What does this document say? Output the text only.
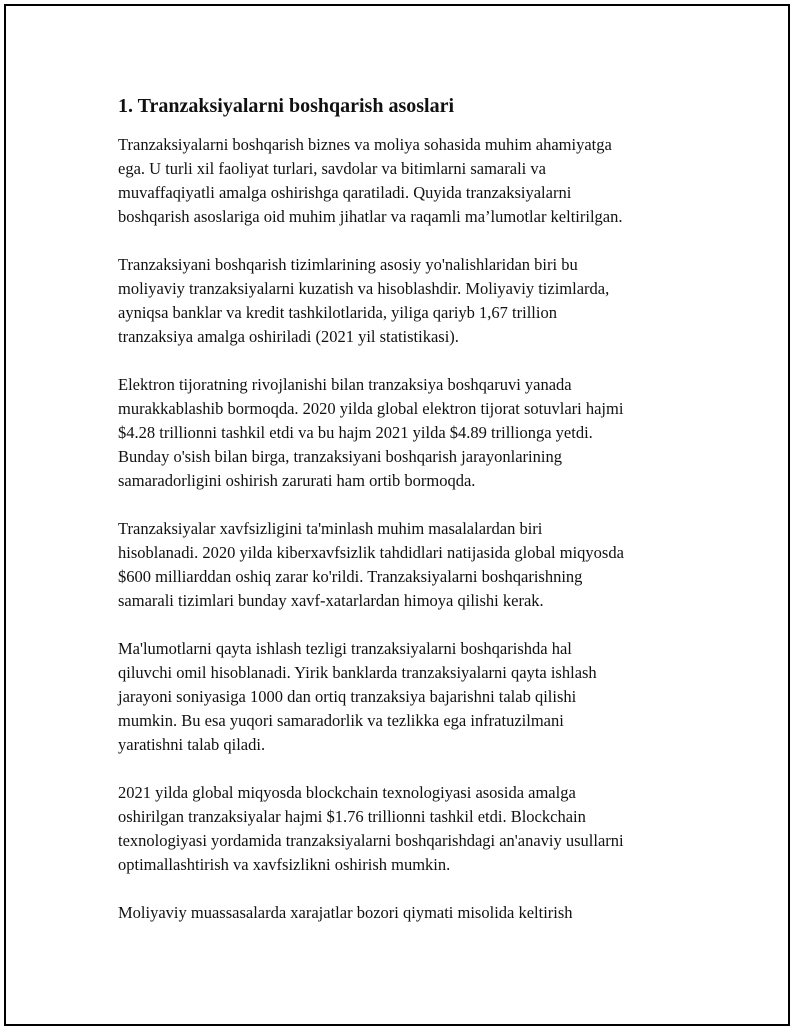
1. Tranzaksiyalarni boshqarish asoslari

Tranzaksiyalarni boshqarish biznes va moliya sohasida muhim ahamiyatga
ega. U turli xil faoliyat turlari, savdolar va bitimlarni samarali va
muvaffaqiyatli amalga oshirishga qaratiladi. Quyida tranzaksiyalarni
boshqarish asoslariga oid muhim jihatlar va raqamli ma’lumotlar keltirilgan.

Tranzaksiyani boshqarish tizimlarining asosiy yo'nalishlaridan biri bu
moliyaviy tranzaksiyalarni kuzatish va hisoblashdir. Moliyaviy tizimlarda,
ayniqsa banklar va kredit tashkilotlarida, yiliga qariyb 1,67 trillion
tranzaksiya amalga oshiriladi (2021 yil statistikasi).

Elektron tijoratning rivojlanishi bilan tranzaksiya boshqaruvi yanada
murakkablashib bormoqda. 2020 yilda global elektron tijorat sotuvlari hajmi
$4.28 trillionni tashkil etdi va bu hajm 2021 yilda $4.89 trillionga yetdi.
Bunday o'sish bilan birga, tranzaksiyani boshqarish jarayonlarining
samaradorligini oshirish zarurati ham ortib bormoqda.

Tranzaksiyalar xavfsizligini ta'minlash muhim masalalardan biri
hisoblanadi. 2020 yilda kiberxavfsizlik tahdidlari natijasida global miqyosda
$600 milliarddan oshiq zarar ko'rildi. Tranzaksiyalarni boshqarishning
samarali tizimlari bunday xavf-xatarlardan himoya qilishi kerak.

Ma'lumotlarni qayta ishlash tezligi tranzaksiyalarni boshqarishda hal
qiluvchi omil hisoblanadi. Yirik banklarda tranzaksiyalarni qayta ishlash
jarayoni soniyasiga 1000 dan ortiq tranzaksiya bajarishni talab qilishi
mumkin. Bu esa yuqori samaradorlik va tezlikka ega infratuzilmani
yaratishni talab qiladi.

2021 yilda global miqyosda blockchain texnologiyasi asosida amalga
oshirilgan tranzaksiyalar hajmi $1.76 trillionni tashkil etdi. Blockchain
texnologiyasi yordamida tranzaksiyalarni boshqarishdagi an'anaviy usullarni
optimallashtirish va xavfsizlikni oshirish mumkin.

Moliyaviy muassasalarda xarajatlar bozori qiymati misolida keltirish
